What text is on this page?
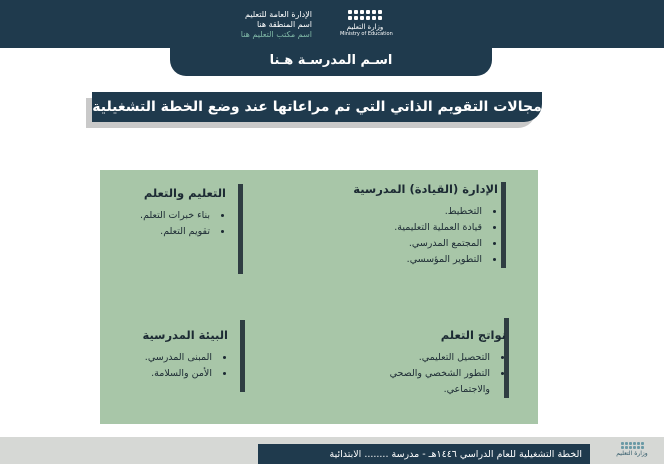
الإدارة العامة للتعليم
اسم المنطقة هنا
اسم مكتب التعليم هنا
وزارة التعليم
Ministry of Education
اسـم المدرسـة هـنا
مجالات التقويم الذاتي التي تم مراعاتها عند وضع الخطة التشغيلية
الإدارة (القيادة) المدرسية
• التخطيط.
• قيادة العملية التعليمية.
• المجتمع المدرسي.
• التطوير المؤسسي.
التعليم والتعلم
• بناء خبرات التعلم.
• تقويم التعلم.
نواتج التعلم
• التحصيل التعليمي.
• التطور الشخصي والصحي والاجتماعي.
البيئة المدرسية
• المبنى المدرسي.
• الأمن والسلامة.
الخطة التشغيلية للعام الدراسي ١٤٤٦هـ - مدرسة ........ الابتدائية	وزارة التعليم
